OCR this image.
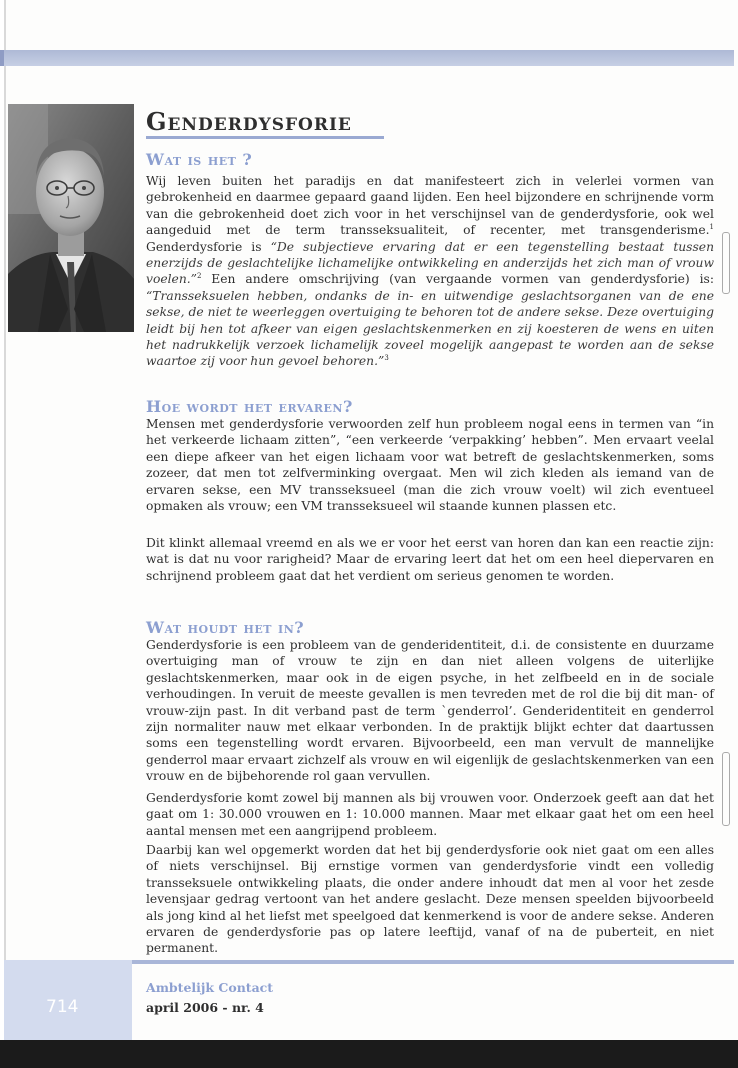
Genderdysforie
Wat is het ?
Wij leven buiten het paradijs en dat manifesteert zich in velerlei vormen van gebrokenheid en daarmee gepaard gaand lijden. Een heel bijzondere en schrijnende vorm van die gebrokenheid doet zich voor in het verschijnsel van de genderdysforie, ook wel aangeduid met de term transseksualiteit, of recenter, met transgenderisme.$^1$ Genderdysforie is “De subjectieve ervaring dat er een tegenstelling bestaat tussen enerzijds de geslachtelijke lichamelijke ontwikkeling en anderzijds het zich man of vrouw voelen.”$^2$ Een andere omschrijving (van vergaande vormen van genderdysforie) is: “Transseksuelen hebben, ondanks de in- en uitwendige geslachtsorganen van de ene sekse, de niet te weerleggen overtuiging te behoren tot de andere sekse. Deze overtuiging leidt bij hen tot afkeer van eigen geslachtskenmerken en zij koesteren de wens en uiten het nadrukkelijk verzoek lichamelijk zoveel mogelijk aangepast te worden aan de sekse waartoe zij voor hun gevoel behoren.”$^3$
Hoe wordt het ervaren?
Mensen met genderdysforie verwoorden zelf hun probleem nogal eens in termen van “in het verkeerde lichaam zitten”, “een verkeerde ‘verpakking’ hebben”. Men ervaart veelal een diepe afkeer van het eigen lichaam voor wat betreft de geslachtskenmerken, soms zozeer, dat men tot zelfverminking overgaat. Men wil zich kleden als iemand van de ervaren sekse, een MV transseksueel (man die zich vrouw voelt) wil zich eventueel opmaken als vrouw; een VM transseksueel wil staande kunnen plassen etc.
Dit klinkt allemaal vreemd en als we er voor het eerst van horen dan kan een reactie zijn: wat is dat nu voor rarigheid? Maar de ervaring leert dat het om een heel diepervaren en schrijnend probleem gaat dat het verdient om serieus genomen te worden.
Wat houdt het in?
Genderdysforie is een probleem van de genderidentiteit, d.i. de consistente en duurzame overtuiging man of vrouw te zijn en dan niet alleen volgens de uiterlijke geslachtskenmerken, maar ook in de eigen psyche, in het zelfbeeld en in de sociale verhoudingen. In veruit de meeste gevallen is men tevreden met de rol die bij dit man- of vrouw-zijn past. In dit verband past de term `genderrol’. Genderidentiteit en genderrol zijn normaliter nauw met elkaar verbonden. In de praktijk blijkt echter dat daartussen soms een tegenstelling wordt ervaren. Bijvoorbeeld, een man vervult de mannelijke genderrol maar ervaart zichzelf als vrouw en wil eigenlijk de geslachtskenmerken van een vrouw en de bijbehorende rol gaan vervullen.
Genderdysforie komt zowel bij mannen als bij vrouwen voor. Onderzoek geeft aan dat het gaat om 1: 30.000 vrouwen en 1: 10.000 mannen. Maar met elkaar gaat het om een heel aantal mensen met een aangrijpend probleem.
Daarbij kan wel opgemerkt worden dat het bij genderdysforie ook niet gaat om een alles of niets verschijnsel. Bij ernstige vormen van genderdysforie vindt een volledig transseksuele ontwikkeling plaats, die onder andere inhoudt dat men al voor het zesde levensjaar gedrag vertoont van het andere geslacht. Deze mensen speelden bijvoorbeeld als jong kind al het liefst met speelgoed dat kenmerkend is voor de andere sekse. Anderen ervaren de genderdysforie pas op latere leeftijd, vanaf of na de puberteit, en niet permanent.
714
Ambtelijk Contact
april 2006 - nr. 4
